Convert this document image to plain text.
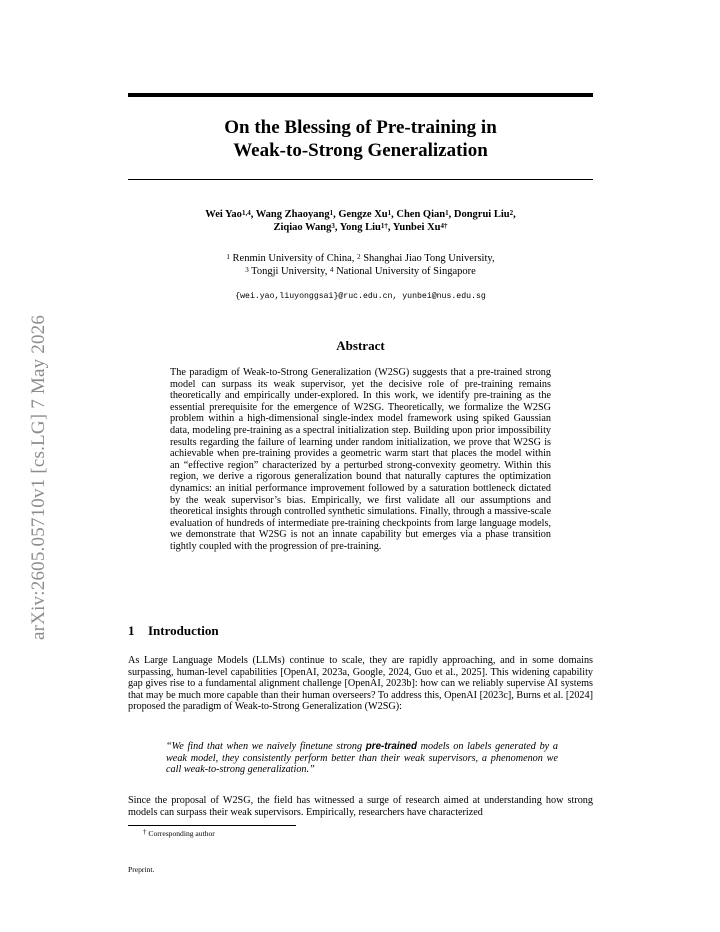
arXiv:2605.05710v1 [cs.LG] 7 May 2026
On the Blessing of Pre-training in
Weak-to-Strong Generalization
Wei Yao$^{1,4}$, Wang Zhaoyang$^1$, Gengze Xu$^1$, Chen Qian$^1$, Dongrui Liu$^2$,
Ziqiao Wang$^3$, Yong Liu$^{1\dagger}$, Yunbei $Xu^{4\dagger}$
$^1$ Renmin University of China, $^2$ Shanghai Jiao Tong University,
$^3$ Tongji University, $^4$ National University of Singapore
{wei.yao,liuyonggsai}@ruc.edu.cn, yunbei@nus.edu.sg
Abstract
The paradigm of Weak-to-Strong Generalization (W2SG) suggests that a pre-trained strong model can surpass its weak supervisor, yet the decisive role of pre-training remains theoretically and empirically under-explored. In this work, we identify pre-training as the essential prerequisite for the emergence of W2SG. Theoretically, we formalize the W2SG problem within a high-dimensional single-index model framework using spiked Gaussian data, modeling pre-training as a spectral initialization step. Building upon prior impossibility results regarding the failure of learning under random initialization, we prove that W2SG is achievable when pre-training provides a geometric warm start that places the model within an “effective region” characterized by a perturbed strong-convexity geometry. Within this region, we derive a rigorous generalization bound that naturally captures the optimization dynamics: an initial performance improvement followed by a saturation bottleneck dictated by the weak supervisor’s bias. Empirically, we first validate all our assumptions and theoretical insights through controlled synthetic simulations. Finally, through a massive-scale evaluation of hundreds of intermediate pre-training checkpoints from large language models, we demonstrate that W2SG is not an innate capability but emerges via a phase transition tightly coupled with the progression of pre-training.
1 Introduction
As Large Language Models (LLMs) continue to scale, they are rapidly approaching, and in some domains surpassing, human-level capabilities [OpenAI, 2023a, Google, 2024, Guo et al., 2025]. This widening capability gap gives rise to a fundamental alignment challenge [OpenAI, 2023b]: how can we reliably supervise AI systems that may be much more capable than their human overseers? To address this, OpenAI [2023c], Burns et al. [2024] proposed the paradigm of Weak-to-Strong Generalization (W2SG):
“We find that when we naively finetune strong pre-trained models on labels generated by a weak model, they consistently perform better than their weak supervisors, a phenomenon we call weak-to-strong generalization.”
Since the proposal of W2SG, the field has witnessed a surge of research aimed at understanding how strong models can surpass their weak supervisors. Empirically, researchers have characterized
† Corresponding author
Preprint.
